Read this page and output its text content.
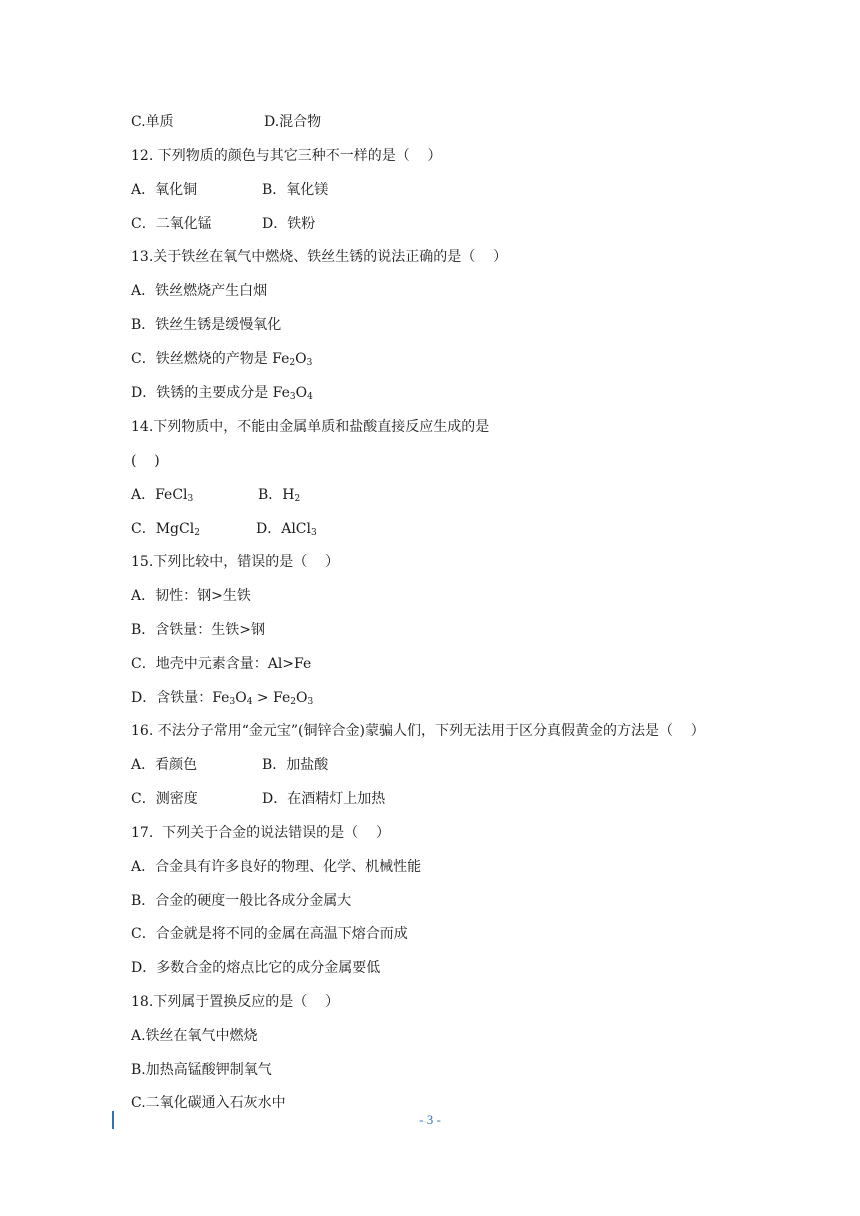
C.单质	D.混合物
12. 下列物质的颜色与其它三种不一样的是（    ）
A．氧化铜	B．氧化镁
C．二氧化锰	D．铁粉
13.关于铁丝在氧气中燃烧、铁丝生锈的说法正确的是（    ）
A．铁丝燃烧产生白烟
B．铁丝生锈是缓慢氧化
C．铁丝燃烧的产物是 $Fe_2O_3$
D．铁锈的主要成分是 $Fe_3O_4$
14.下列物质中，不能由金属单质和盐酸直接反应生成的是
(    )
A．FeCl$_3$	B．$H_2$
C．MgCl$_2$	D．AlCl$_3$
15.下列比较中，错误的是（    ）
A．韧性：钢>生铁
B．含铁量：生铁>钢
C．地壳中元素含量：Al>Fe
D．含铁量：$Fe_3O_4 > Fe_2O_3$
16. 不法分子常用“金元宝”(铜锌合金)蒙骗人们，下列无法用于区分真假黄金的方法是（    ）
A．看颜色	B．加盐酸
C．测密度	D．在酒精灯上加热
17.  下列关于合金的说法错误的是（    ）
A．合金具有许多良好的物理、化学、机械性能
B．合金的硬度一般比各成分金属大
C．合金就是将不同的金属在高温下熔合而成
D．多数合金的熔点比它的成分金属要低
18.下列属于置换反应的是（    ）
A.铁丝在氧气中燃烧
B.加热高锰酸钾制氧气
C.二氧化碳通入石灰水中
- 3 -
